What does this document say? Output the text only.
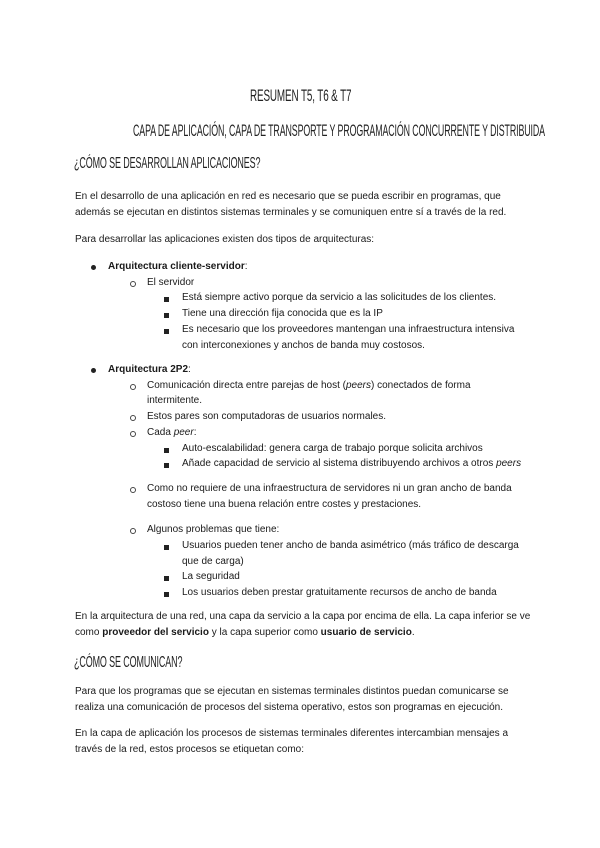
RESUMEN T5, T6 & T7
CAPA DE APLICACIÓN, CAPA DE TRANSPORTE Y PROGRAMACIÓN CONCURRENTE Y DISTRIBUIDA
¿CÓMO SE DESARROLLAN APLICACIONES?
En el desarrollo de una aplicación en red es necesario que se pueda escribir en programas, que
además se ejecutan en distintos sistemas terminales y se comuniquen entre sí a través de la red.
Para desarrollar las aplicaciones existen dos tipos de arquitecturas:
Arquitectura cliente-servidor:
El servidor
Está siempre activo porque da servicio a las solicitudes de los clientes.
Tiene una dirección fija conocida que es la IP
Es necesario que los proveedores mantengan una infraestructura intensiva
con interconexiones y anchos de banda muy costosos.
Arquitectura 2P2:
Comunicación directa entre parejas de host (peers) conectados de forma
intermitente.
Estos pares son computadoras de usuarios normales.
Cada peer:
Auto-escalabilidad: genera carga de trabajo porque solicita archivos
Añade capacidad de servicio al sistema distribuyendo archivos a otros peers
Como no requiere de una infraestructura de servidores ni un gran ancho de banda
costoso tiene una buena relación entre costes y prestaciones.
Algunos problemas que tiene:
Usuarios pueden tener ancho de banda asimétrico (más tráfico de descarga
que de carga)
La seguridad
Los usuarios deben prestar gratuitamente recursos de ancho de banda
En la arquitectura de una red, una capa da servicio a la capa por encima de ella. La capa inferior se ve
como proveedor del servicio y la capa superior como usuario de servicio.
¿CÓMO SE COMUNICAN?
Para que los programas que se ejecutan en sistemas terminales distintos puedan comunicarse se
realiza una comunicación de procesos del sistema operativo, estos son programas en ejecución.
En la capa de aplicación los procesos de sistemas terminales diferentes intercambian mensajes a
través de la red, estos procesos se etiquetan como:
